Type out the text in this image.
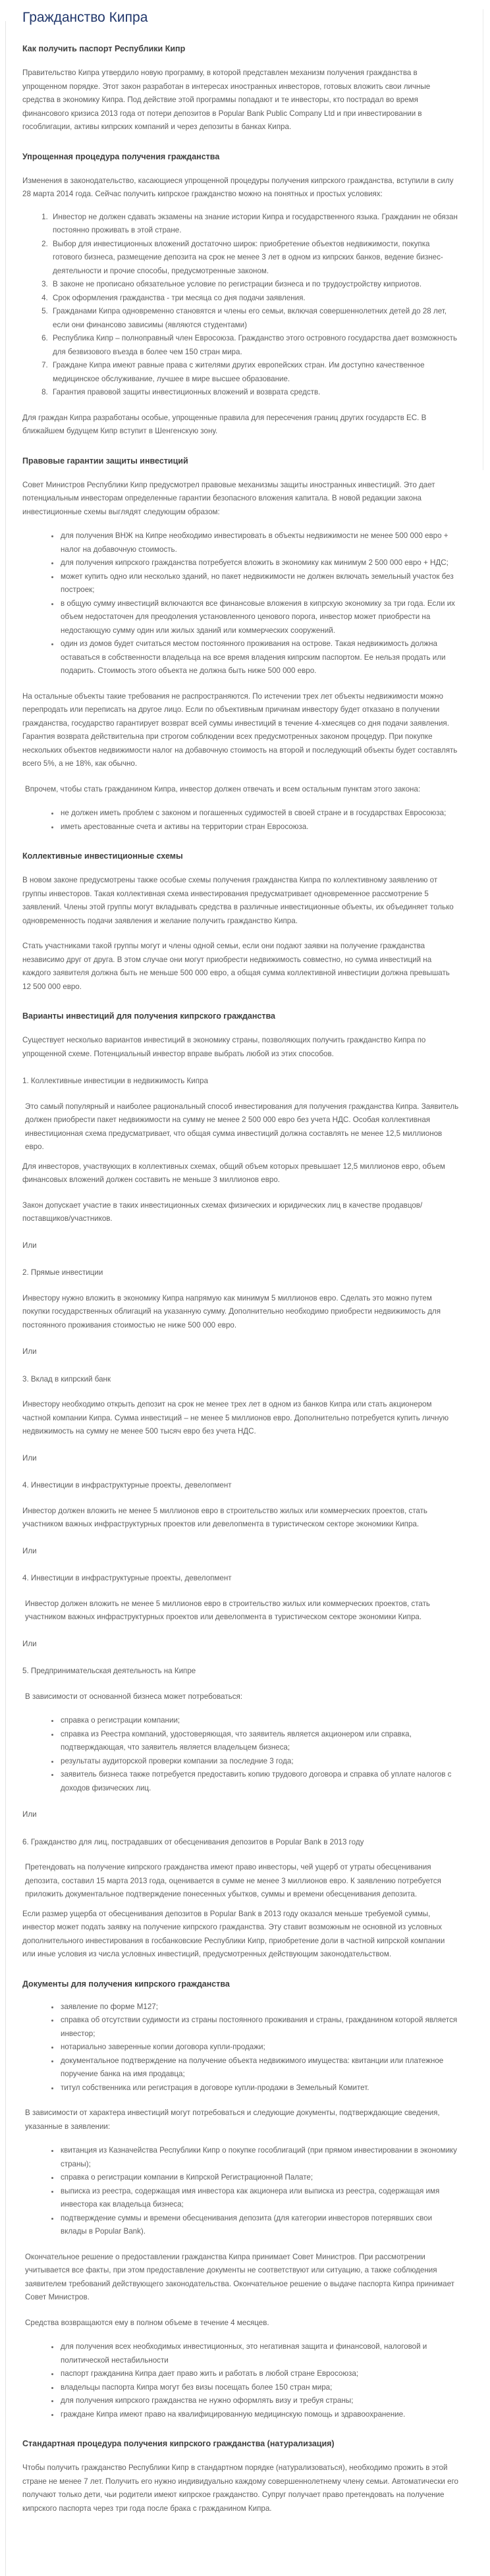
Гражданство Кипра
Как получить паспорт Республики Кипр

Правительство Кипра утвердило новую программу, в которой представлен механизм получения гражданства в упрощенном порядке. Этот закон разработан в интересах иностранных инвесторов, готовых вложить свои личные средства в экономику Кипра. Под действие этой программы попадают и те инвесторы, кто пострадал во время финансового кризиса 2013 года от потери депозитов в Popular Bank Public Company Ltd и при инвестировании в гособлигации, активы кипрских компаний и через депозиты в банках Кипра.

Упрощенная процедура получения гражданства

Изменения в законодательство, касающиеся упрощенной процедуры получения кипрского гражданства, вступили в силу 28 марта 2014 года. Сейчас получить кипрское гражданство можно на понятных и простых условиях:

1. Инвестор не должен сдавать экзамены на знание истории Кипра и государственного языка. Гражданин не обязан постоянно проживать в этой стране.
2. Выбор для инвестиционных вложений достаточно широк: приобретение объектов недвижимости, покупка готового бизнеса, размещение депозита на срок не менее 3 лет в одном из кипрских банков, ведение бизнес-деятельности и прочие способы, предусмотренные законом.
3. В законе не прописано обязательное условие по регистрации бизнеса и по трудоустройству киприотов.
4. Срок оформления гражданства - три месяца со дня подачи заявления.
5. Гражданами Кипра одновременно становятся и члены его семьи, включая совершеннолетних детей до 28 лет, если они финансово зависимы (являются студентами)
6. Республика Кипр – полноправный член Евросоюза. Гражданство этого островного государства дает возможность для безвизового въезда в более чем 150 стран мира.
7. Граждане Кипра имеют равные права с жителями других европейских стран. Им доступно качественное медицинское обслуживание, лучшее в мире высшее образование.
8. Гарантия правовой защиты инвестиционных вложений и возврата средств.

Для граждан Кипра разработаны особые, упрощенные правила для пересечения границ других государств ЕС. В ближайшем будущем Кипр вступит в Шенгенскую зону.

Правовые гарантии защиты инвестиций

Совет Министров Республики Кипр предусмотрел правовые механизмы защиты иностранных инвестиций. Это дает потенциальным инвесторам определенные гарантии безопасного вложения капитала. В новой редакции закона инвестиционные схемы выглядят следующим образом:

для получения ВНЖ на Кипре необходимо инвестировать в объекты недвижимости не менее 500 000 евро + налог на добавочную стоимость.
для получения кипрского гражданства потребуется вложить в экономику как минимум 2 500 000 евро + НДС;
может купить одно или несколько зданий, но пакет недвижимости не должен включать земельный участок без построек;
в общую сумму инвестиций включаются все финансовые вложения в кипрскую экономику за три года. Если их объем недостаточен для преодоления установленного ценового порога, инвестор может приобрести на недостающую сумму один или жилых зданий или коммерческих сооружений.
один из домов будет считаться местом постоянного проживания на острове. Такая недвижимость должна оставаться в собственности владельца на все время владения кипрским паспортом. Ее нельзя продать или подарить. Стоимость этого объекта не должна быть ниже 500 000 евро.

На остальные объекты такие требования не распространяются. По истечении трех лет объекты недвижимости можно перепродать или переписать на другое лицо. Если по объективным причинам инвестору будет отказано в получении гражданства, государство гарантирует возврат всей суммы инвестиций в течение 4-хмесяцев со дня подачи заявления. Гарантия возврата действительна при строгом соблюдении всех предусмотренных законом процедур. При покупке нескольких объектов недвижимости налог на добавочную стоимость на второй и последующий объекты будет составлять всего 5%, а не 18%, как обычно.

Впрочем, чтобы стать гражданином Кипра, инвестор должен отвечать и всем остальным пунктам этого закона:

не должен иметь проблем с законом и погашенных судимостей в своей стране и в государствах Евросоюза;
иметь арестованные счета и активы на территории стран Евросоюза.
Коллективные инвестиционные схемы

В новом законе предусмотрены также особые схемы получения гражданства Кипра по коллективному заявлению от группы инвесторов. Такая коллективная схема инвестирования предусматривает одновременное рассмотрение 5 заявлений. Члены этой группы могут вкладывать средства в различные инвестиционные объекты, их объединяет только одновременность подачи заявления и желание получить гражданство Кипра.

Стать участниками такой группы могут и члены одной семьи, если они подают заявки на получение гражданства независимо друг от друга. В этом случае они могут приобрести недвижимость совместно, но сумма инвестиций на каждого заявителя должна быть не меньше 500 000 евро, а общая сумма коллективной инвестиции должна превышать 12 500 000 евро.

Варианты инвестиций для получения кипрского гражданства

Существует несколько вариантов инвестиций в экономику страны, позволяющих получить гражданство Кипра по упрощенной схеме. Потенциальный инвестор вправе выбрать любой из этих способов.

1. Коллективные инвестиции в недвижимость Кипра

Это самый популярный и наиболее рациональный способ инвестирования для получения гражданства Кипра. Заявитель должен приобрести пакет недвижимости на сумму не менее 2 500 000 евро без учета НДС. Особая коллективная инвестиционная схема предусматривает, что общая сумма инвестиций должна составлять не менее 12,5 миллионов евро.

Для инвесторов, участвующих в коллективных схемах, общий объем которых превышает 12,5 миллионов евро, объем финансовых вложений должен составить не меньше 3 миллионов евро.

Закон допускает участие в таких инвестиционных схемах физических и юридических лиц в качестве продавцов/поставщиков/участников.

Или

2. Прямые инвестиции

Инвестору нужно вложить в экономику Кипра напрямую как минимум 5 миллионов евро. Сделать это можно путем покупки государственных облигаций на указанную сумму. Дополнительно необходимо приобрести недвижимость для постоянного проживания стоимостью не ниже 500 000 евро.

Или

3. Вклад в кипрский банк

Инвестору необходимо открыть депозит на срок не менее трех лет в одном из банков Кипра или стать акционером частной компании Кипра. Сумма инвестиций – не менее 5 миллионов евро. Дополнительно потребуется купить личную недвижимость на сумму не менее 500 тысяч евро без учета НДС.

Или

4. Инвестиции в инфраструктурные проекты, девелопмент

Инвестор должен вложить не менее 5 миллионов евро в строительство жилых или коммерческих проектов, стать участником важных инфраструктурных проектов или девелопмента в туристическом секторе экономики Кипра.

Или

4. Инвестиции в инфраструктурные проекты, девелопмент

Инвестор должен вложить не менее 5 миллионов евро в строительство жилых или коммерческих проектов, стать участником важных инфраструктурных проектов или девелопмента в туристическом секторе экономики Кипра.

Или

5. Предпринимательская деятельность на Кипре

В зависимости от основанной бизнеса может потребоваться:

справка о регистрации компании;
справка из Реестра компаний, удостоверяющая, что заявитель является акционером или справка, подтверждающая, что заявитель является владельцем бизнеса;
результаты аудиторской проверки компании за последние 3 года;
заявитель бизнеса также потребуется предоставить копию трудового договора и справка об уплате налогов с доходов физических лиц.

Или

6. Гражданство для лиц, пострадавших от обесценивания депозитов в Popular Bank в 2013 году

Претендовать на получение кипрского гражданства имеют право инвесторы, чей ущерб от утраты обесценивания депозита, составил 15 марта 2013 года, оценивается в сумме не менее 3 миллионов евро. К заявлению потребуется приложить документальное подтверждение понесенных убытков, суммы и времени обесценивания депозита.

Если размер ущерба от обесценивания депозитов в Popular Bank в 2013 году оказался меньше требуемой суммы, инвестор может подать заявку на получение кипрского гражданства. Эту ставит возможным не основной из условных дополнительного инвестирования в госбанковские Республики Кипр, приобретение доли в частной кипрской компании или иные условия из числа условных инвестиций, предусмотренных действующим законодательством.

Документы для получения кипрского гражданства
заявление по форме М127;
справка об отсутствии судимости из страны постоянного проживания и страны, гражданином которой является инвестор;
нотариально заверенные копии договора купли-продажи;
документальное подтверждение на получение объекта недвижимого имущества: квитанции или платежное поручение банка на имя продавца;
титул собственника или регистрация в договоре купли-продажи в Земельный Комитет.

В зависимости от характера инвестиций могут потребоваться и следующие документы, подтверждающие сведения, указанные в заявлении:

квитанция из Казначейства Республики Кипр о покупке гособлигаций (при прямом инвестировании в экономику страны);
справка о регистрации компании в Кипрской Регистрационной Палате;
выписка из реестра, содержащая имя инвестора как акционера или выписка из реестра, содержащая имя инвестора как владельца бизнеса;
подтверждение суммы и времени обесценивания депозита (для категории инвесторов потерявших свои вклады в Popular Bank).

Окончательное решение о предоставлении гражданства Кипра принимает Совет Министров. При рассмотрении учитывается все факты, при этом предоставление документы не соответствуют или ситуацию, а также соблюдения заявителем требований действующего законодательства. Окончательное решение о выдаче паспорта Кипра принимает Совет Министров.

Средства возвращаются ему в полном объеме в течение 4 месяцев.

для получения всех необходимых инвестиционных, это негативная защита и финансовой, налоговой и политической нестабильности
паспорт гражданина Кипра дает право жить и работать в любой стране Евросоюза;
владельцы паспорта Кипра могут без визы посещать более 150 стран мира;
для получения кипрского гражданства не нужно оформлять визу и требуя страны;
граждане Кипра имеют право на квалифицированную медицинскую помощь и здравоохранение.
Стандартная процедура получения кипрского гражданства (натурализация)

Чтобы получить гражданство Республики Кипр в стандартном порядке (натурализоваться), необходимо прожить в этой стране не менее 7 лет. Получить его нужно индивидуально каждому совершеннолетнему члену семьи. Автоматически его получают только дети, чьи родители имеют кипрское гражданство. Супруг получает право претендовать на получение кипрского паспорта через три года после брака с гражданином Кипра.
